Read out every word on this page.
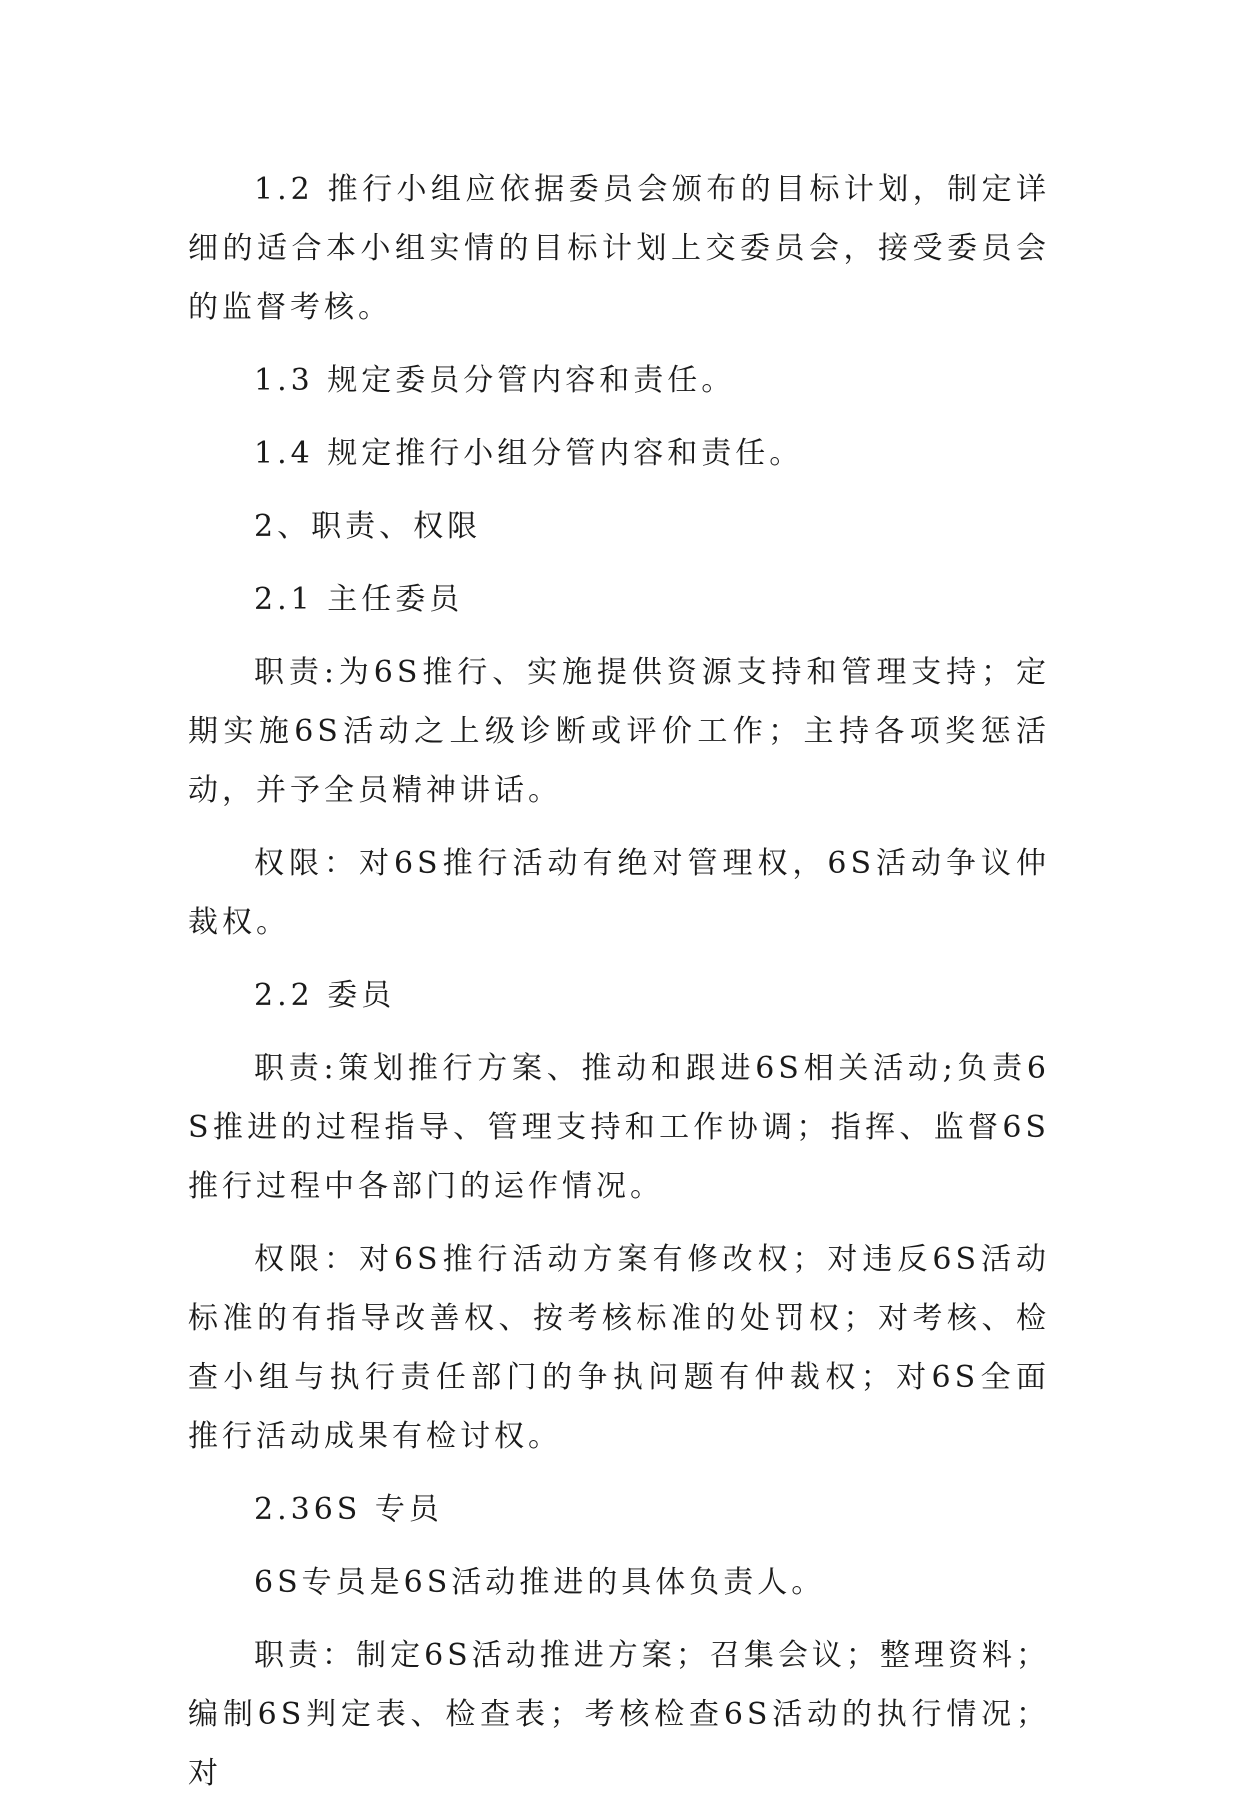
1.2 推行小组应依据委员会颁布的目标计划，制定详细的适合本小组实情的目标计划上交委员会，接受委员会的监督考核。

1.3 规定委员分管内容和责任。

1.4 规定推行小组分管内容和责任。

2、职责、权限

2.1 主任委员

职责:为6S推行、实施提供资源支持和管理支持；定期实施6S活动之上级诊断或评价工作；主持各项奖惩活动，并予全员精神讲话。

权限：对6S推行活动有绝对管理权，6S活动争议仲裁权。

2.2 委员

职责:策划推行方案、推动和跟进6S相关活动;负责6S推进的过程指导、管理支持和工作协调；指挥、监督6S推行过程中各部门的运作情况。

权限：对6S推行活动方案有修改权；对违反6S活动标准的有指导改善权、按考核标准的处罚权；对考核、检查小组与执行责任部门的争执问题有仲裁权；对6S全面推行活动成果有检讨权。

2.36S 专员

6S专员是6S活动推进的具体负责人。

职责：制定6S活动推进方案；召集会议；整理资料；编制6S判定表、检查表；考核检查6S活动的执行情况；对
